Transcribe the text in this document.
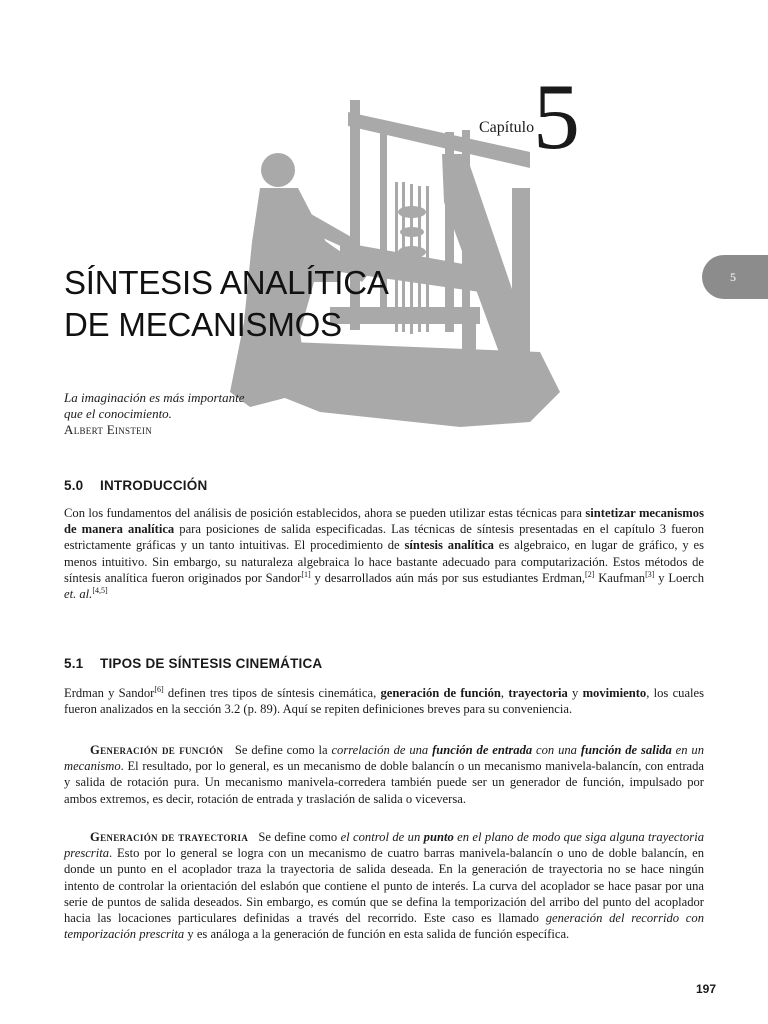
Capítulo
5
5
SÍNTESIS ANALÍTICA
DE MECANISMOS
La imaginación es más importante
que el conocimiento.
Albert Einstein
5.0 INTRODUCCIÓN

Con los fundamentos del análisis de posición establecidos, ahora se pueden utilizar estas técnicas para sintetizar mecanismos de manera analítica para posiciones de salida especificadas. Las técnicas de síntesis presentadas en el capítulo 3 fueron estrictamente gráficas y un tanto intuitivas. El procedimiento de síntesis analítica es algebraico, en lugar de gráfico, y es menos intuitivo. Sin embargo, su naturaleza algebraica lo hace bastante adecuado para computarización. Estos métodos de síntesis analítica fueron originados por Sandor[1] y desarrollados aún más por sus estudiantes Erdman,[2] Kaufman[3] y Loerch et. al.[4,5]

5.1 TIPOS DE SÍNTESIS CINEMÁTICA

Erdman y Sandor[6] definen tres tipos de síntesis cinemática, generación de función, trayectoria y movimiento, los cuales fueron analizados en la sección 3.2 (p. 89). Aquí se repiten definiciones breves para su conveniencia.

Generación de función   Se define como la correlación de una función de entrada con una función de salida en un mecanismo. El resultado, por lo general, es un mecanismo de doble balancín o un mecanismo manivela-balancín, con entrada y salida de rotación pura. Un mecanismo manivela-corredera también puede ser un generador de función, impulsado por ambos extremos, es decir, rotación de entrada y traslación de salida o viceversa.

Generación de trayectoria   Se define como el control de un punto en el plano de modo que siga alguna trayectoria prescrita. Esto por lo general se logra con un mecanismo de cuatro barras manivela-balancín o uno de doble balancín, en donde un punto en el acoplador traza la trayectoria de salida deseada. En la generación de trayectoria no se hace ningún intento de controlar la orientación del eslabón que contiene el punto de interés. La curva del acoplador se hace pasar por una serie de puntos de salida deseados. Sin embargo, es común que se defina la temporización del arribo del punto del acoplador hacia las locaciones particulares definidas a través del recorrido. Este caso es llamado generación del recorrido con temporización prescrita y es análoga a la generación de función en esta salida de función específica.

197
